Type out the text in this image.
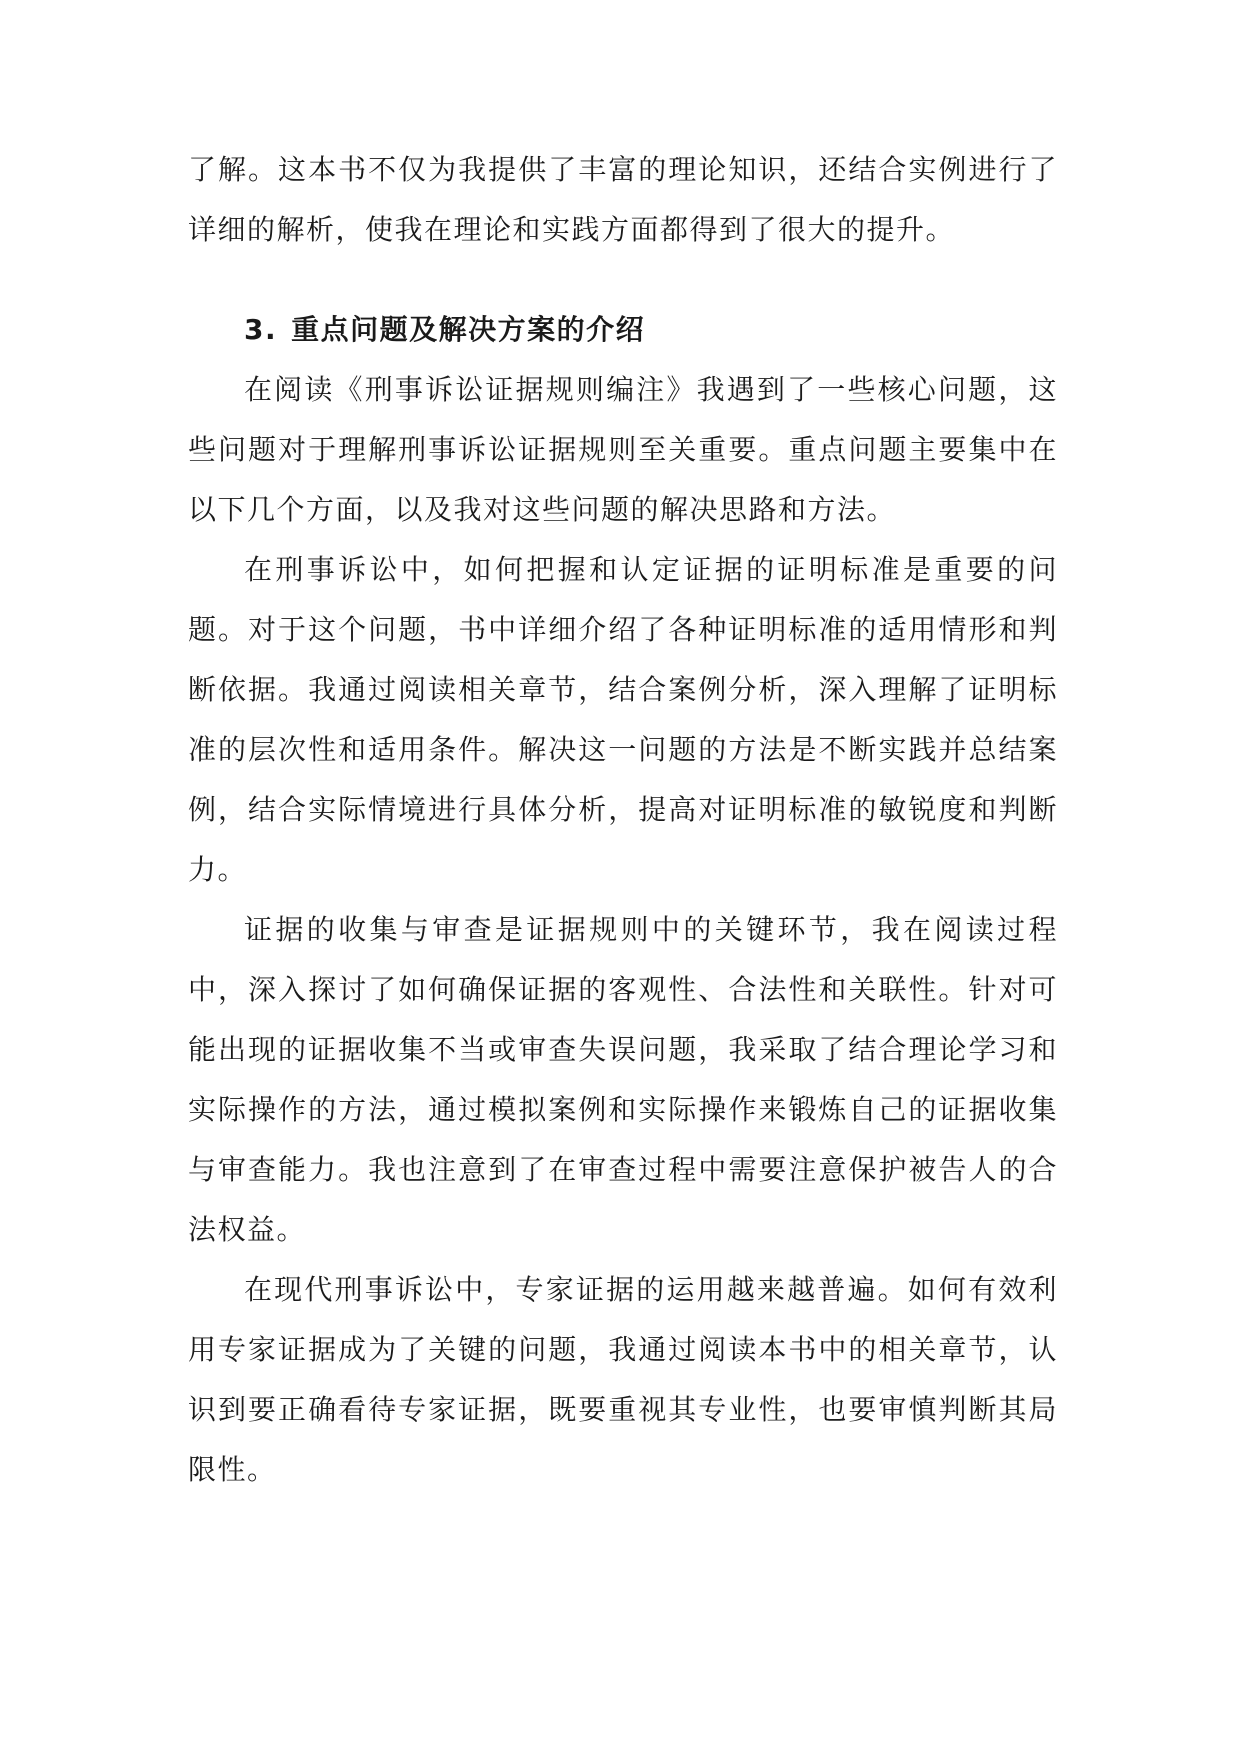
了解。这本书不仅为我提供了丰富的理论知识，还结合实例进行了详细的解析，使我在理论和实践方面都得到了很大的提升。

3. 重点问题及解决方案的介绍

在阅读《刑事诉讼证据规则编注》我遇到了一些核心问题，这些问题对于理解刑事诉讼证据规则至关重要。重点问题主要集中在以下几个方面，以及我对这些问题的解决思路和方法。

在刑事诉讼中，如何把握和认定证据的证明标准是重要的问题。对于这个问题，书中详细介绍了各种证明标准的适用情形和判断依据。我通过阅读相关章节，结合案例分析，深入理解了证明标准的层次性和适用条件。解决这一问题的方法是不断实践并总结案例，结合实际情境进行具体分析，提高对证明标准的敏锐度和判断力。

证据的收集与审查是证据规则中的关键环节，我在阅读过程中，深入探讨了如何确保证据的客观性、合法性和关联性。针对可能出现的证据收集不当或审查失误问题，我采取了结合理论学习和实际操作的方法，通过模拟案例和实际操作来锻炼自己的证据收集与审查能力。我也注意到了在审查过程中需要注意保护被告人的合法权益。

在现代刑事诉讼中，专家证据的运用越来越普遍。如何有效利用专家证据成为了关键的问题，我通过阅读本书中的相关章节，认识到要正确看待专家证据，既要重视其专业性，也要审慎判断其局限性。
